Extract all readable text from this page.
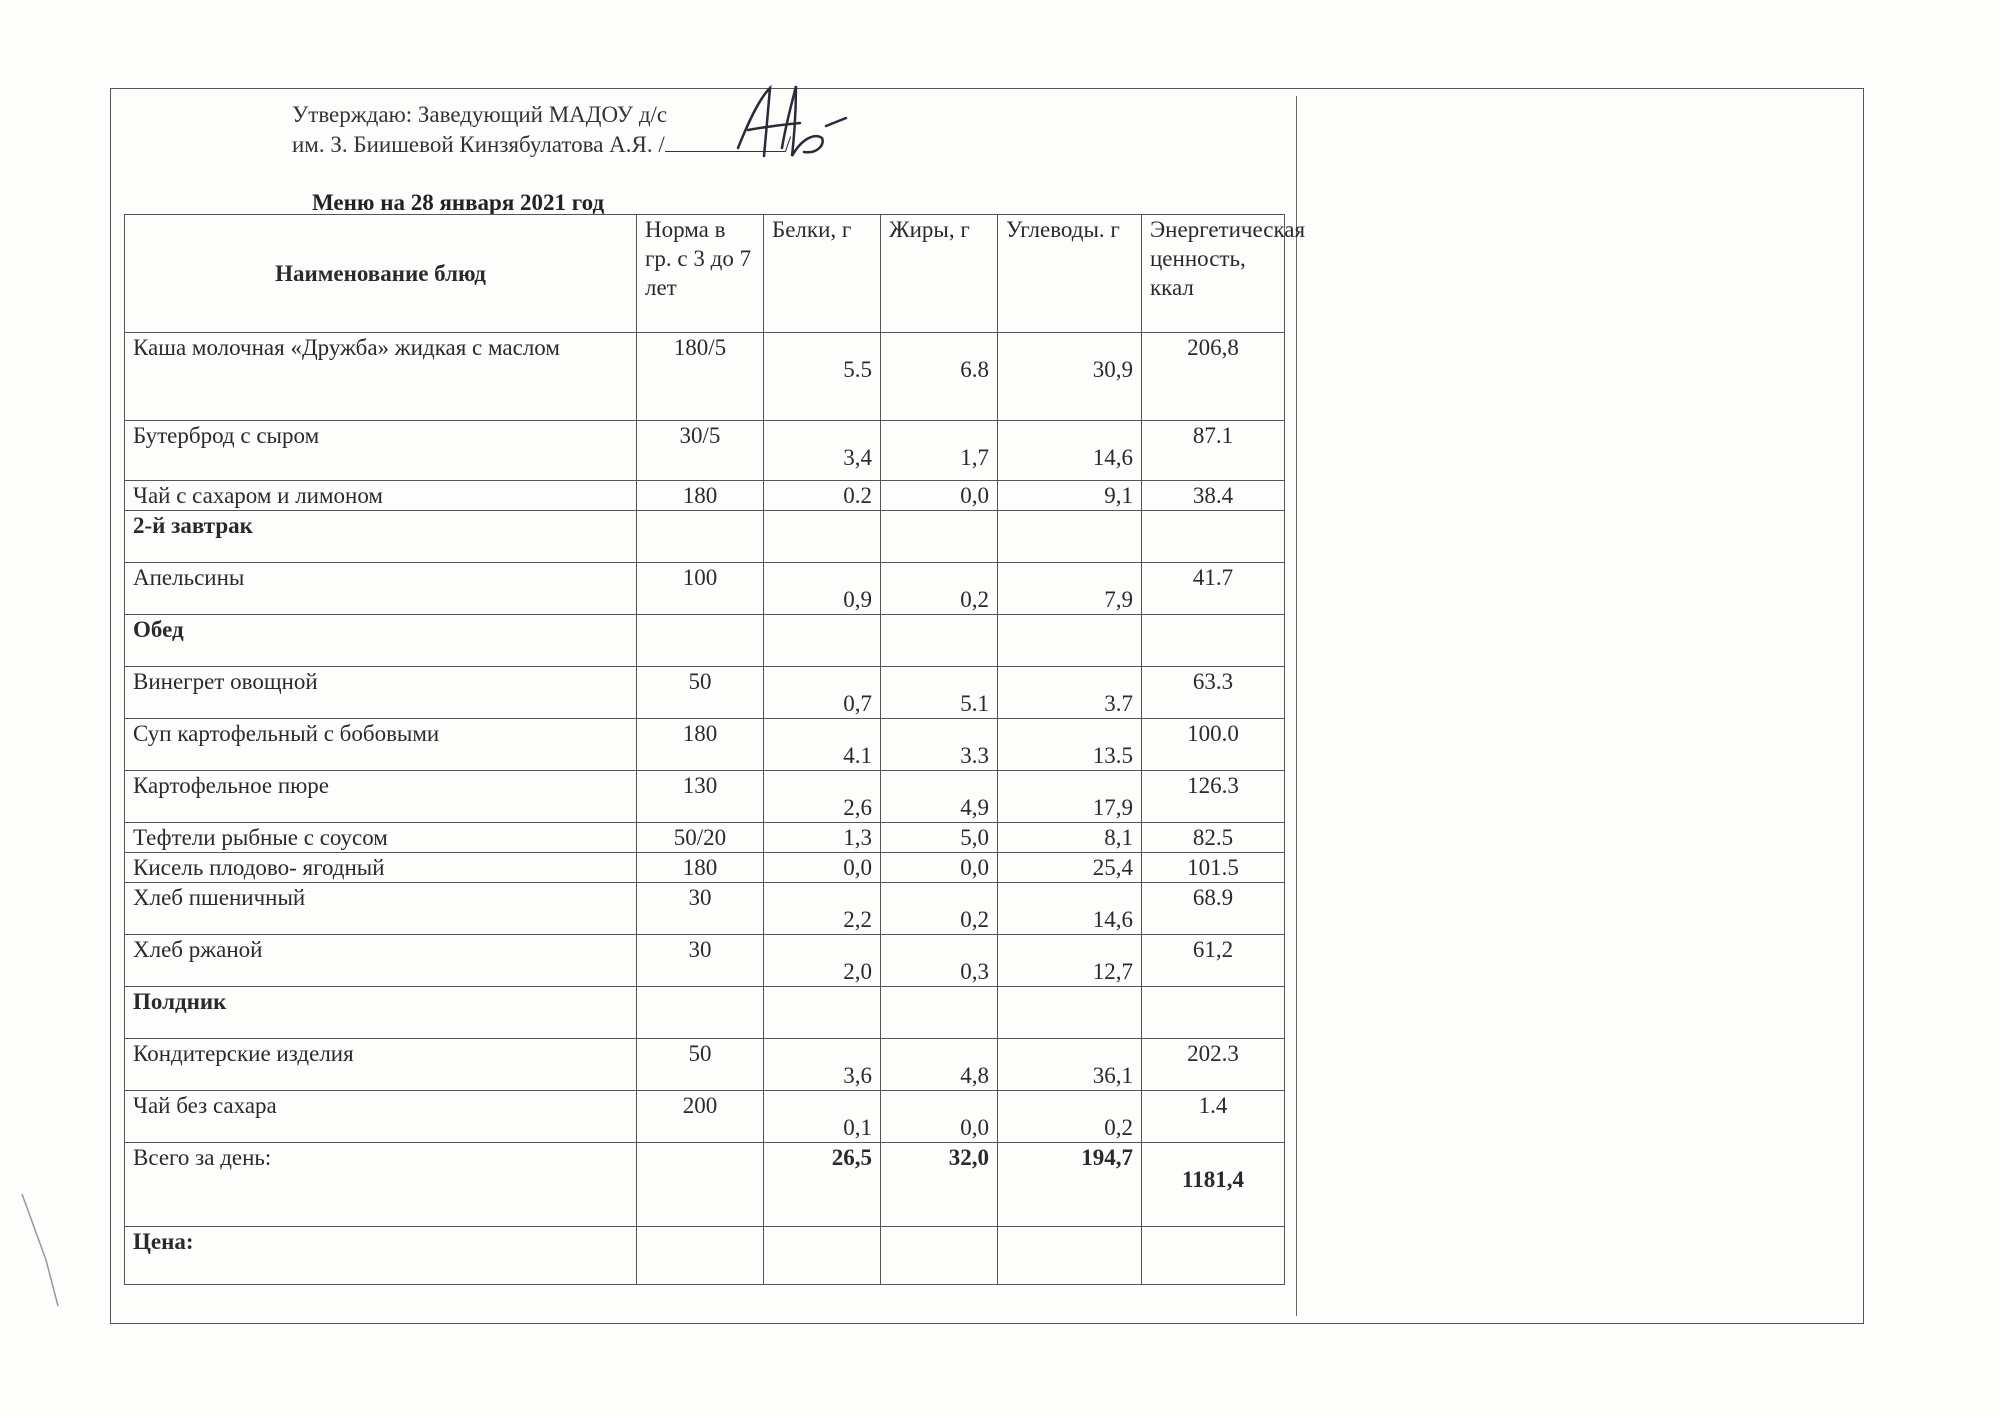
Утверждаю: Заведующий МАДОУ д/с
им. З. Биишевой Кинзябулатова А.Я. /	/
Меню на 28 января 2021 год
Наименование блюд	Норма в гр. с 3 до 7 лет	Белки, г	Жиры, г	Углеводы. г	Энергетическая ценность, ккал
Каша молочная «Дружба» жидкая с маслом	180/5	5.5	6.8	30,9	206,8
Бутерброд с сыром	30/5	3,4	1,7	14,6	87.1
Чай с сахаром и лимоном	180	0.2	0,0	9,1	38.4
2-й завтрак					
Апельсины	100	0,9	0,2	7,9	41.7
Обед					
Винегрет овощной	50	0,7	5.1	3.7	63.3
Суп картофельный с бобовыми	180	4.1	3.3	13.5	100.0
Картофельное пюре	130	2,6	4,9	17,9	126.3
Тефтели рыбные с соусом	50/20	1,3	5,0	8,1	82.5
Кисель плодово- ягодный	180	0,0	0,0	25,4	101.5
Хлеб пшеничный	30	2,2	0,2	14,6	68.9
Хлеб ржаной	30	2,0	0,3	12,7	61,2
Полдник					
Кондитерские изделия	50	3,6	4,8	36,1	202.3
Чай без сахара	200	0,1	0,0	0,2	1.4
Всего за день:		26,5	32,0	194,7	1181,4
Цена:					
